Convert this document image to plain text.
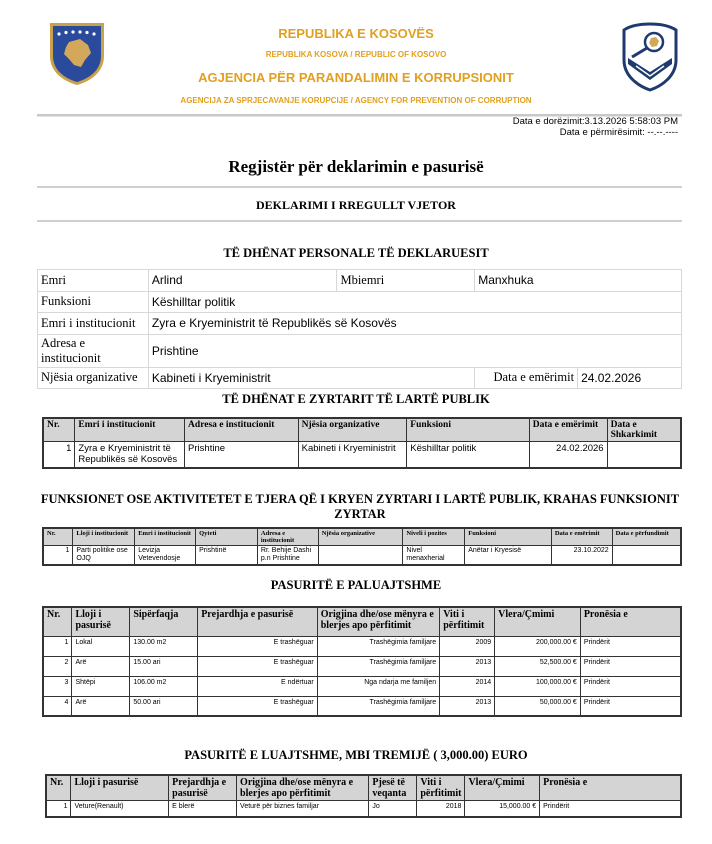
REPUBLIKA E KOSOVËS
REPUBLIKA KOSOVA / REPUBLIC OF KOSOVO
AGJENCIA PËR PARANDALIMIN E KORRUPSIONIT
AGENCIJA ZA SPRJECAVANJE KORUPCIJE / AGENCY FOR PREVENTION OF CORRUPTION
Data e dorëzimit:3.13.2026 5:58:03 PM
Data e përmirësimit: --.--.----
Regjistër për deklarimin e pasurisë
DEKLARIMI I RREGULLT VJETOR
TË DHËNAT PERSONALE TË DEKLARUESIT
Emri	Arlind	Mbiemri	Manxhuka	
Funksioni	Këshilltar politik			
Emri i institucionit	Zyra e Kryeministrit të Republikës së Kosovës			
Adresa e institucionit	Prishtine			
Njësia organizative	Kabineti i Kryeministrit		Data e emërimit	24.02.2026
TË DHËNAT E ZYRTARIT TË LARTË PUBLIK
Nr.	Emri i institucionit	Adresa e institucionit	Njësia organizative	Funksioni	Data e emërimit	Data e Shkarkimit
1	Zyra e Kryeministrit të Republikës së Kosovës	Prishtine	Kabineti i Kryeministrit	Këshilltar politik	24.02.2026	
FUNKSIONET OSE AKTIVITETET E TJERA QË I KRYEN ZYRTARI I LARTË PUBLIK, KRAHAS FUNKSIONIT ZYRTAR
Nr.	Lloji i institucionit	Emri i institucionit	Qyteti	Adresa e institucionit	Njësia organizative	Niveli i pozites	Funksioni	Data e emërimit	Data e përfundimit
1	Parti politike ose OJQ	Levizja Vetevendosje	Prishtinë	Rr. Behije Dashi p.n Prishtine		Nivel menaxherial	Anëtar i Kryesisë	23.10.2022	
PASURITË E PALUAJTSHME
Nr.	Lloji i pasurisë	Sipërfaqja	Prejardhja e pasurisë	Origjina dhe/ose mënyra e blerjes apo përfitimit	Viti i përfitimit	Vlera/Çmimi	Pronësia e
1	Lokal	130.00 m2	E trashëguar	Trashëgimia familjare	2009	200,000.00 €	Prindërit
2	Arë	15.00 ari	E trashëguar	Trashëgimia familjare	2013	52,500.00 €	Prindërit
3	Shtëpi	106.00 m2	E ndërtuar	Nga ndarja me familjen	2014	100,000.00 €	Prindërit
4	Arë	50.00 ari	E trashëguar	Trashëgimia familjare	2013	50,000.00 €	Prindërit
PASURITË E LUAJTSHME, MBI TREMIJË ( 3,000.00) EURO
Nr.	Lloji i pasurisë	Prejardhja e pasurisë	Origjina dhe/ose mënyra e blerjes apo përfitimit	Pjesë të veqanta	Viti i përfitimit	Vlera/Çmimi	Pronësia e
1	Veture(Renault)	E blerë	Veturë për biznes familjar	Jo	2018	15,000.00 €	Prindërit
